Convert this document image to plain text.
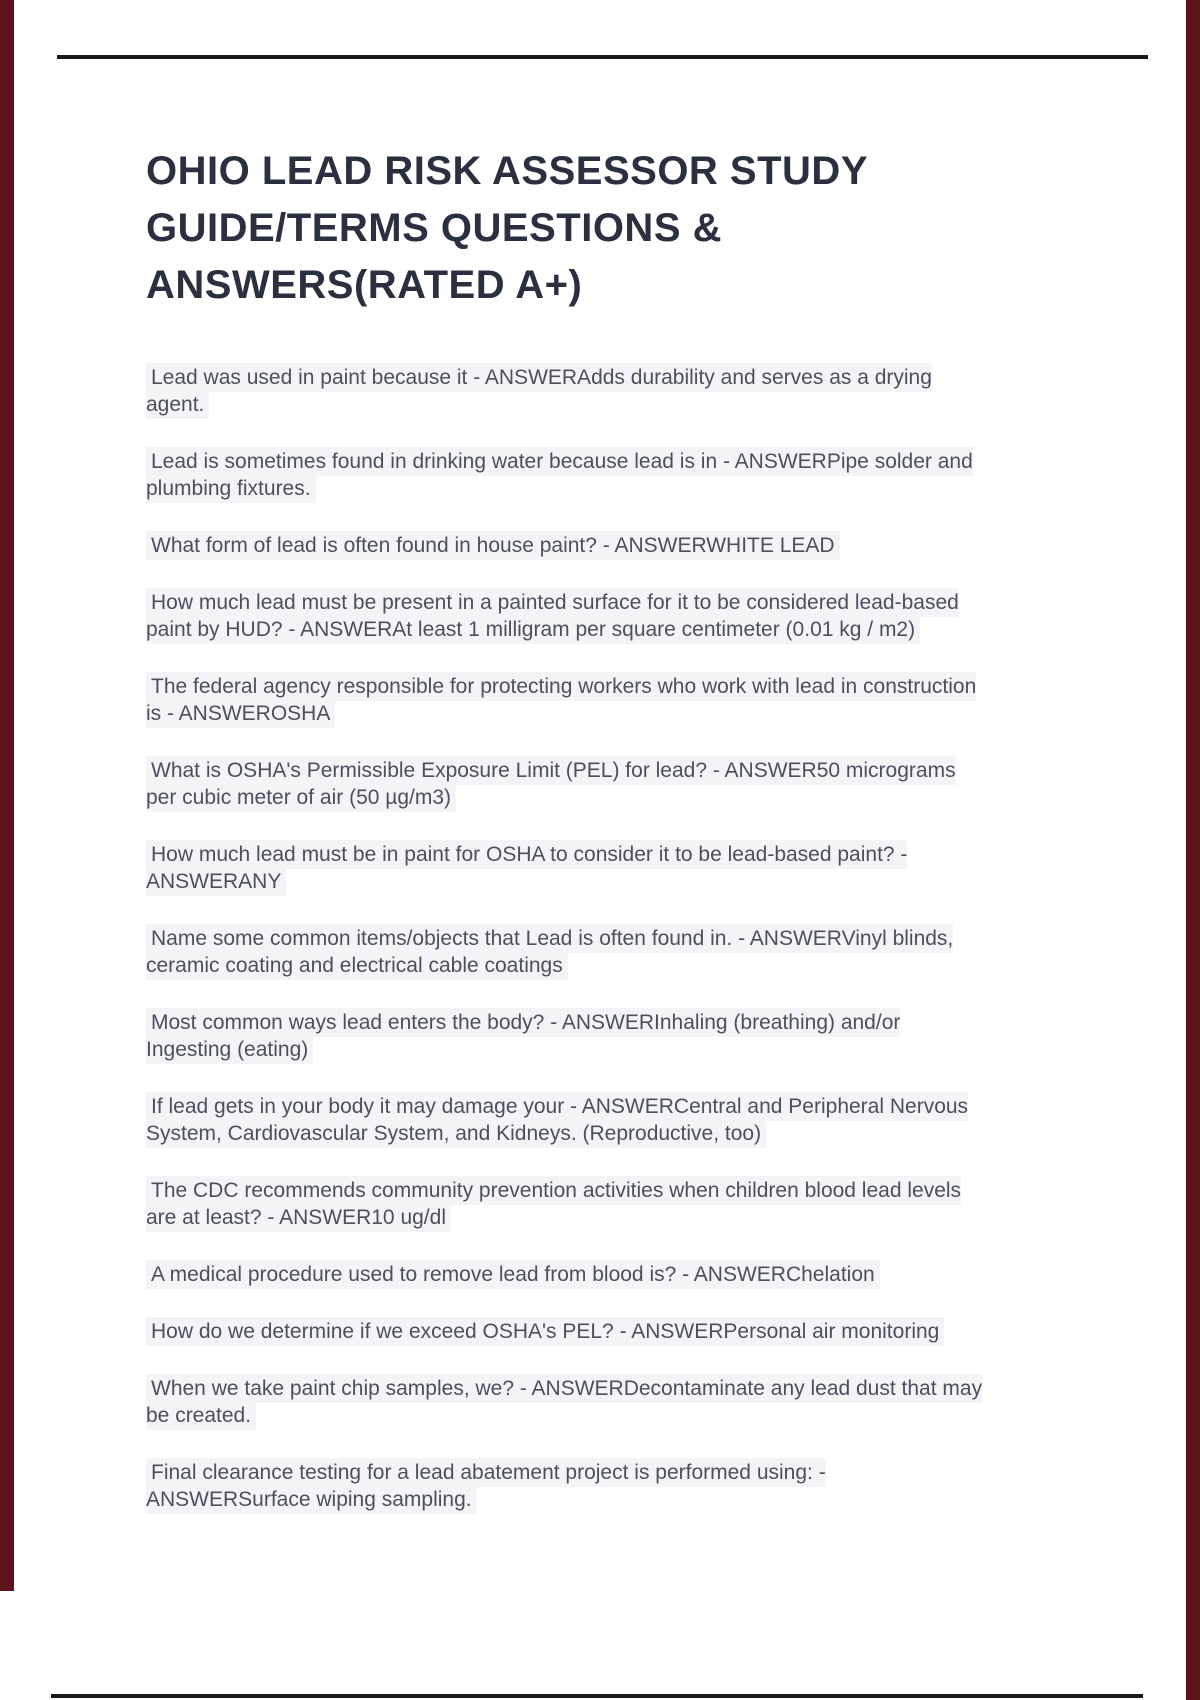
OHIO LEAD RISK ASSESSOR STUDY GUIDE/TERMS QUESTIONS & ANSWERS(RATED A+)

Lead was used in paint because it - ANSWERAdds durability and serves as a drying agent.

Lead is sometimes found in drinking water because lead is in - ANSWERPipe solder and plumbing fixtures.

What form of lead is often found in house paint? - ANSWERWHITE LEAD

How much lead must be present in a painted surface for it to be considered lead-based paint by HUD? - ANSWERAt least 1 milligram per square centimeter (0.01 kg / m2)

The federal agency responsible for protecting workers who work with lead in construction is - ANSWEROSHA

What is OSHA's Permissible Exposure Limit (PEL) for lead? - ANSWER50 micrograms per cubic meter of air (50 µg/m3)

How much lead must be in paint for OSHA to consider it to be lead-based paint? - ANSWERANY

Name some common items/objects that Lead is often found in. - ANSWERVinyl blinds, ceramic coating and electrical cable coatings

Most common ways lead enters the body? - ANSWERInhaling (breathing) and/or Ingesting (eating)

If lead gets in your body it may damage your - ANSWERCentral and Peripheral Nervous System, Cardiovascular System, and Kidneys. (Reproductive, too)

The CDC recommends community prevention activities when children blood lead levels are at least? - ANSWER10 ug/dl

A medical procedure used to remove lead from blood is? - ANSWERChelation

How do we determine if we exceed OSHA's PEL? - ANSWERPersonal air monitoring

When we take paint chip samples, we? - ANSWERDecontaminate any lead dust that may be created.

Final clearance testing for a lead abatement project is performed using: - ANSWERSurface wiping sampling.
